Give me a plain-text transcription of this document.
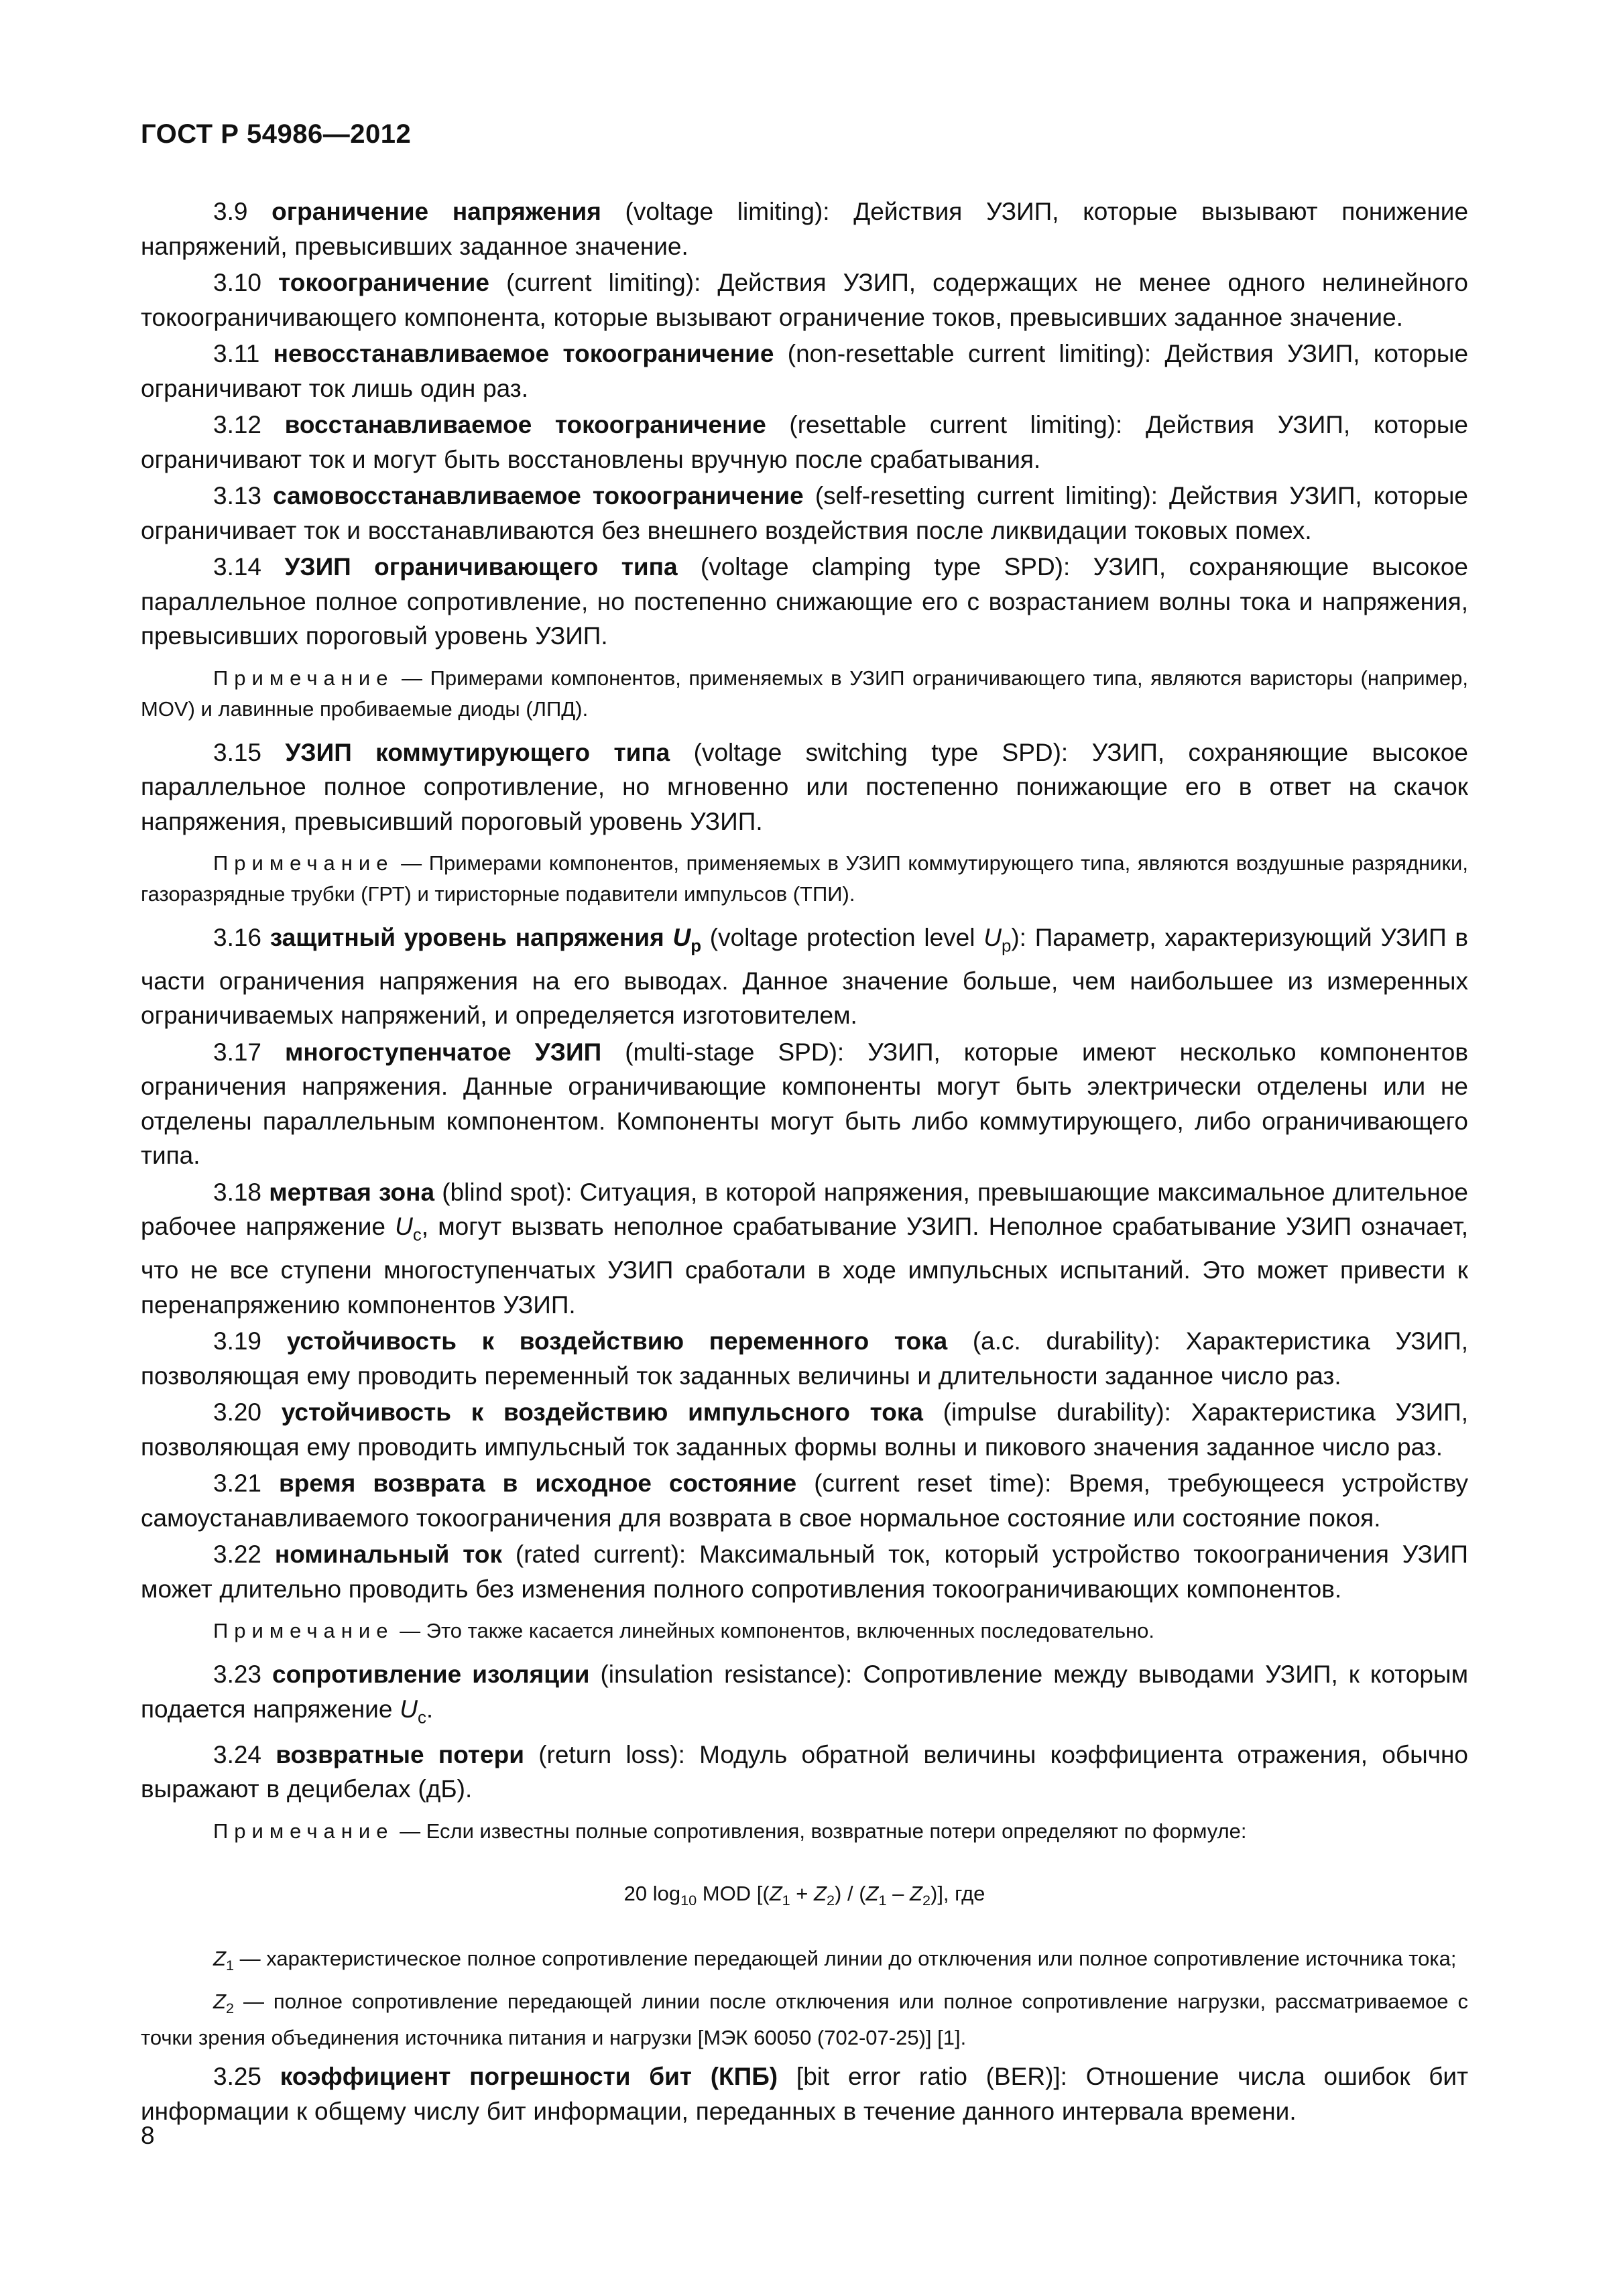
ГОСТ Р 54986—2012

3.9 ограничение напряжения (voltage limiting): Действия УЗИП, которые вызывают понижение напряжений, превысивших заданное значение.

3.10 токоограничение (current limiting): Действия УЗИП, содержащих не менее одного нелинейного токоограничивающего компонента, которые вызывают ограничение токов, превысивших заданное значение.

3.11 невосстанавливаемое токоограничение (non-resettable current limiting): Действия УЗИП, которые ограничивают ток лишь один раз.

3.12 восстанавливаемое токоограничение (resettable current limiting): Действия УЗИП, которые ограничивают ток и могут быть восстановлены вручную после срабатывания.

3.13 самовосстанавливаемое токоограничение (self-resetting current limiting): Действия УЗИП, которые ограничивает ток и восстанавливаются без внешнего воздействия после ликвидации токовых помех.

3.14 УЗИП ограничивающего типа (voltage clamping type SPD): УЗИП, сохраняющие высокое параллельное полное сопротивление, но постепенно снижающие его с возрастанием волны тока и напряжения, превысивших пороговый уровень УЗИП.

Примечание — Примерами компонентов, применяемых в УЗИП ограничивающего типа, являются варисторы (например, MOV) и лавинные пробиваемые диоды (ЛПД).

3.15 УЗИП коммутирующего типа (voltage switching type SPD): УЗИП, сохраняющие высокое параллельное полное сопротивление, но мгновенно или постепенно понижающие его в ответ на скачок напряжения, превысивший пороговый уровень УЗИП.

Примечание — Примерами компонентов, применяемых в УЗИП коммутирующего типа, являются воздушные разрядники, газоразрядные трубки (ГРТ) и тиристорные подавители импульсов (ТПИ).

3.16 защитный уровень напряжения $U_p$ (voltage protection level $U_p$): Параметр, характеризующий УЗИП в части ограничения напряжения на его выводах. Данное значение больше, чем наибольшее из измеренных ограничиваемых напряжений, и определяется изготовителем.

3.17 многоступенчатое УЗИП (multi-stage SPD): УЗИП, которые имеют несколько компонентов ограничения напряжения. Данные ограничивающие компоненты могут быть электрически отделены или не отделены параллельным компонентом. Компоненты могут быть либо коммутирующего, либо ограничивающего типа.

3.18 мертвая зона (blind spot): Ситуация, в которой напряжения, превышающие максимальное длительное рабочее напряжение $U_c$, могут вызвать неполное срабатывание УЗИП. Неполное срабатывание УЗИП означает, что не все ступени многоступенчатых УЗИП сработали в ходе импульсных испытаний. Это может привести к перенапряжению компонентов УЗИП.

3.19 устойчивость к воздействию переменного тока (a.c. durability): Характеристика УЗИП, позволяющая ему проводить переменный ток заданных величины и длительности заданное число раз.

3.20 устойчивость к воздействию импульсного тока (impulse durability): Характеристика УЗИП, позволяющая ему проводить импульсный ток заданных формы волны и пикового значения заданное число раз.

3.21 время возврата в исходное состояние (current reset time): Время, требующееся устройству самоустанавливаемого токоограничения для возврата в свое нормальное состояние или состояние покоя.

3.22 номинальный ток (rated current): Максимальный ток, который устройство токоограничения УЗИП может длительно проводить без изменения полного сопротивления токоограничивающих компонентов.

Примечание — Это также касается линейных компонентов, включенных последовательно.

3.23 сопротивление изоляции (insulation resistance): Сопротивление между выводами УЗИП, к которым подается напряжение $U_c$.

3.24 возвратные потери (return loss): Модуль обратной величины коэффициента отражения, обычно выражают в децибелах (дБ).

Примечание — Если известны полные сопротивления, возвратные потери определяют по формуле:

20 $\log_{10}$ MOD $[(Z_1 + Z_2) / (Z_1 - Z_2)]$, где

$Z_1$ — характеристическое полное сопротивление передающей линии до отключения или полное сопротивление источника тока;

$Z_2$ — полное сопротивление передающей линии после отключения или полное сопротивление нагрузки, рассматриваемое с точки зрения объединения источника питания и нагрузки [МЭК 60050 (702-07-25)] [1].

3.25 коэффициент погрешности бит (КПБ) [bit error ratio (BER)]: Отношение числа ошибок бит информации к общему числу бит информации, переданных в течение данного интервала времени.

8
